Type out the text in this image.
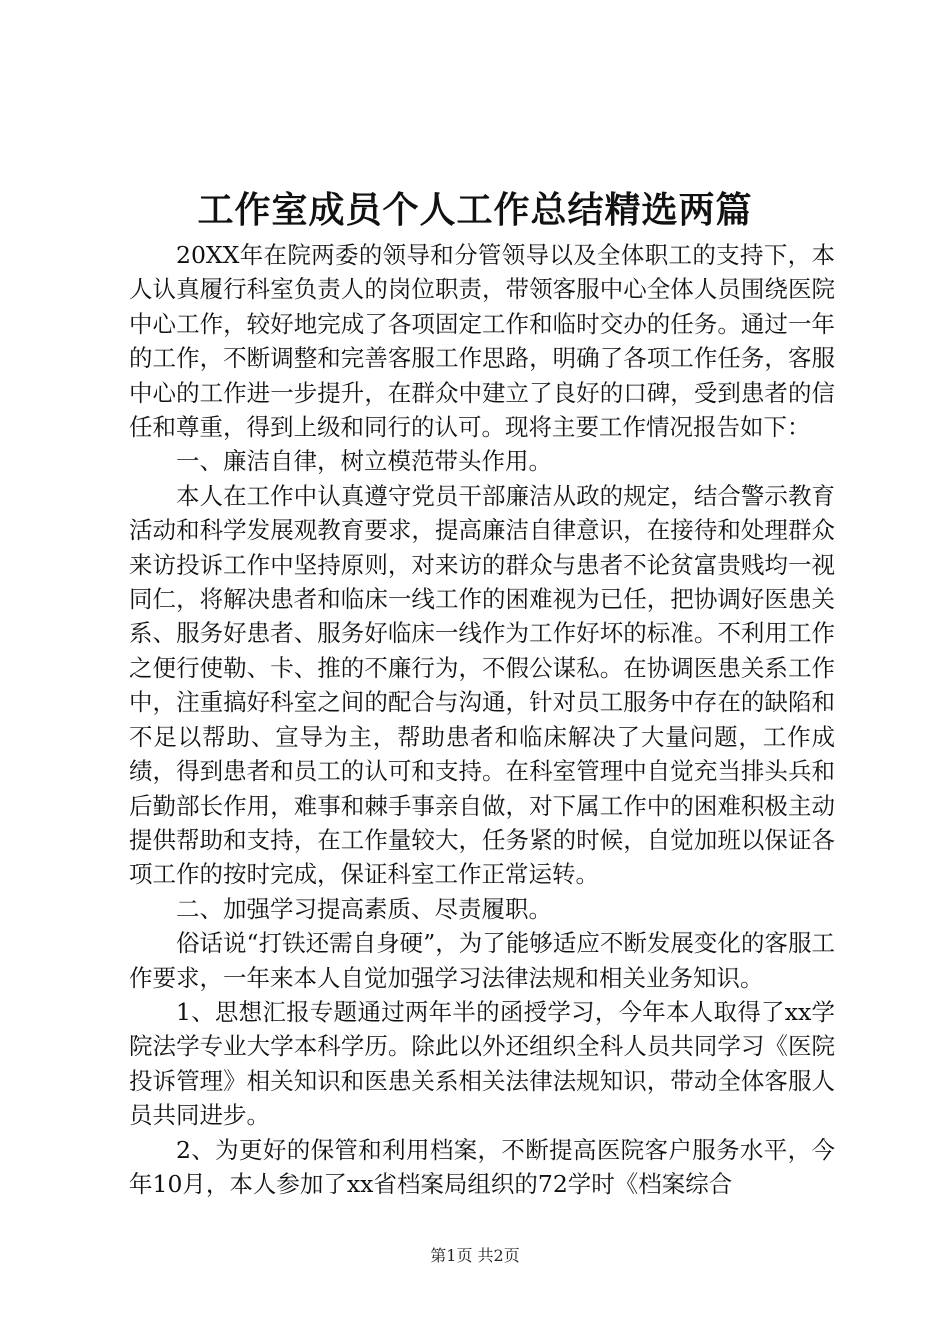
工作室成员个人工作总结精选两篇

20XX年在院两委的领导和分管领导以及全体职工的支持下，本人认真履行科室负责人的岗位职责，带领客服中心全体人员围绕医院中心工作，较好地完成了各项固定工作和临时交办的任务。通过一年的工作，不断调整和完善客服工作思路，明确了各项工作任务，客服中心的工作进一步提升，在群众中建立了良好的口碑，受到患者的信任和尊重，得到上级和同行的认可。现将主要工作情况报告如下：

一、廉洁自律，树立模范带头作用。

本人在工作中认真遵守党员干部廉洁从政的规定，结合警示教育活动和科学发展观教育要求，提高廉洁自律意识，在接待和处理群众来访投诉工作中坚持原则，对来访的群众与患者不论贫富贵贱均一视同仁，将解决患者和临床一线工作的困难视为已任，把协调好医患关系、服务好患者、服务好临床一线作为工作好坏的标准。不利用工作之便行使勒、卡、推的不廉行为，不假公谋私。在协调医患关系工作中，注重搞好科室之间的配合与沟通，针对员工服务中存在的缺陷和不足以帮助、宣导为主，帮助患者和临床解决了大量问题，工作成绩，得到患者和员工的认可和支持。在科室管理中自觉充当排头兵和后勤部长作用，难事和棘手事亲自做，对下属工作中的困难积极主动提供帮助和支持，在工作量较大，任务紧的时候，自觉加班以保证各项工作的按时完成，保证科室工作正常运转。

二、加强学习提高素质、尽责履职。

俗话说“打铁还需自身硬”，为了能够适应不断发展变化的客服工作要求，一年来本人自觉加强学习法律法规和相关业务知识。

1、思想汇报专题通过两年半的函授学习，今年本人取得了xx学院法学专业大学本科学历。除此以外还组织全科人员共同学习《医院投诉管理》相关知识和医患关系相关法律法规知识，带动全体客服人员共同进步。

2、为更好的保管和利用档案，不断提高医院客户服务水平，今年10月，本人参加了xx省档案局组织的72学时《档案综合

第1页 共2页
